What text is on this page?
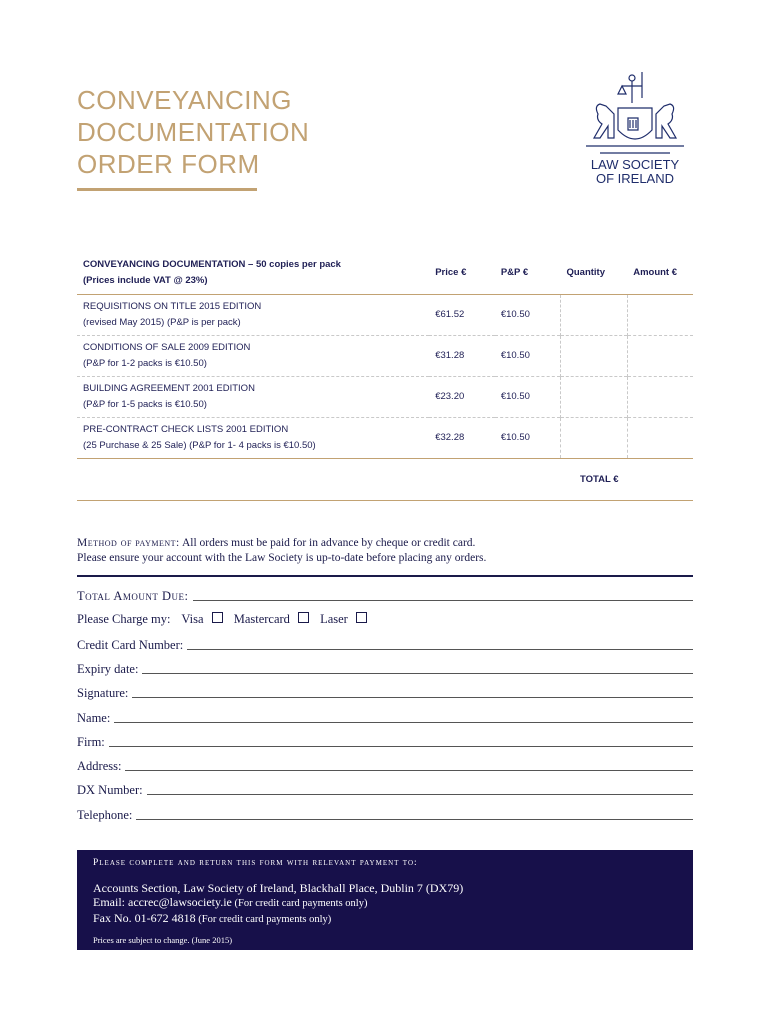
CONVEYANCING
DOCUMENTATION
ORDER FORM	LAW SOCIETY
OF IRELAND
CONVEYANCING DOCUMENTATION – 50 copies per pack
(Prices include VAT @ 23%)	Price €	P&P €	Quantity	Amount €

REQUISITIONS ON TITLE 2015 EDITION
(revised May 2015) (P&P is per pack)	€61.52	€10.50		

CONDITIONS OF SALE 2009 EDITION
(P&P for 1-2 packs is €10.50)	€31.28	€10.50		

BUILDING AGREEMENT 2001 EDITION
(P&P for 1-5 packs is €10.50)	€23.20	€10.50		

PRE-CONTRACT CHECK LISTS 2001 EDITION
(25 Purchase & 25 Sale) (P&P for 1- 4 packs is €10.50)	€32.28	€10.50		
TOTAL €
Method of payment: All orders must be paid for in advance by cheque or credit card.
Please ensure your account with the Law Society is up-to-date before placing any orders.
Total Amount Due:
Please Charge my: Visa Mastercard Laser
Credit Card Number:
Expiry date:
Signature:
Name:
Firm:
Address:
DX Number:
Telephone:
Please complete and return this form with relevant payment to:
Accounts Section, Law Society of Ireland, Blackhall Place, Dublin 7 (DX79)
Email: accrec@lawsociety.ie (For credit card payments only)
Fax No. 01-672 4818 (For credit card payments only)
Prices are subject to change. (June 2015)
